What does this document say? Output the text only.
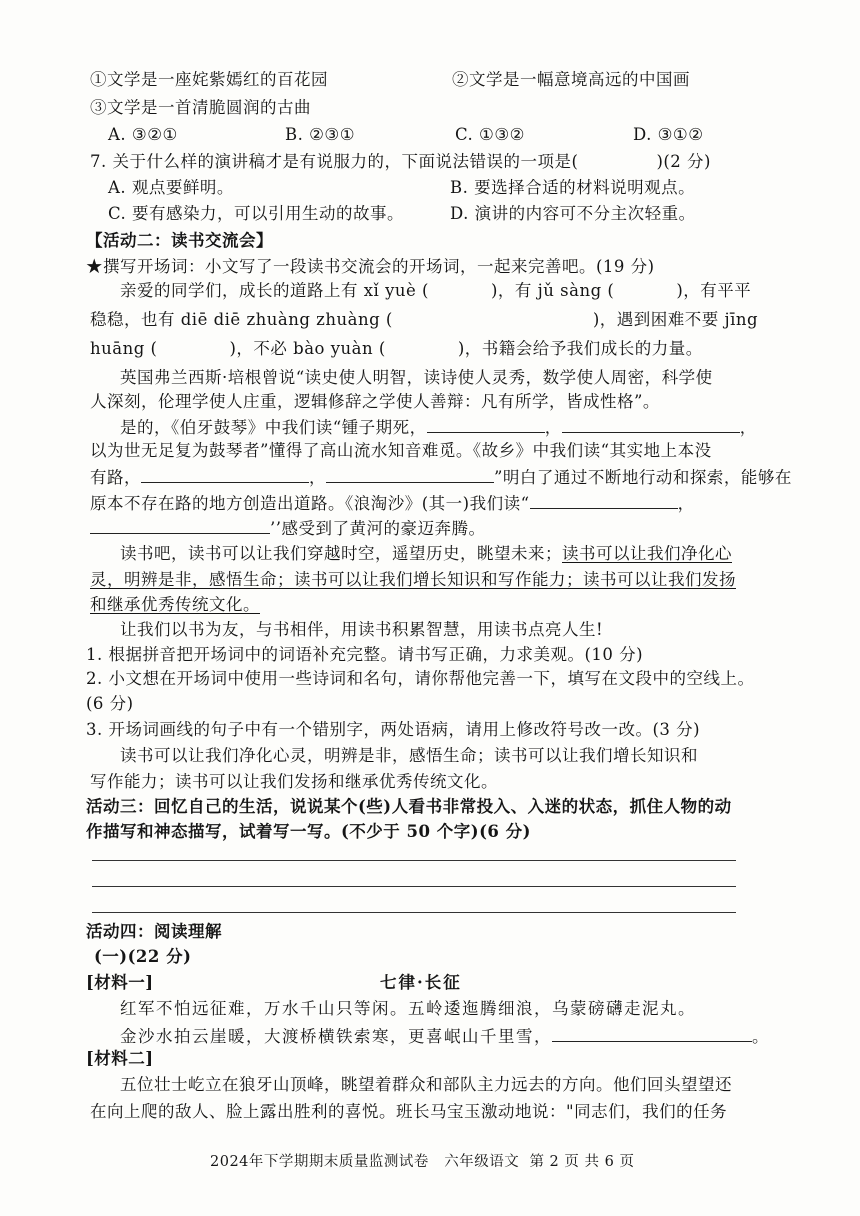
①文学是一座姹紫嫣红的百花园	②文学是一幅意境高远的中国画
③文学是一首清脆圆润的古曲
A. ③②①	B. ②③①	C. ①③②	D. ③①②
7. 关于什么样的演讲稿才是有说服力的，下面说法错误的一项是(	)(2 分)
A. 观点要鲜明。	B. 要选择合适的材料说明观点。
C. 要有感染力，可以引用生动的故事。	D. 演讲的内容可不分主次轻重。
【活动二：读书交流会】
★撰写开场词：小文写了一段读书交流会的开场词，一起来完善吧。(19 分)
亲爱的同学们，成长的道路上有 xǐ yuè (	)，有 jǔ sàng (	)，有平平
稳稳，也有 diē diē zhuàng zhuàng (	)，遇到困难不要 jīng
huāng (	)，不必 bào yuàn (	)，书籍会给予我们成长的力量。
英国弗兰西斯·培根曾说“读史使人明智，读诗使人灵秀，数学使人周密，科学使
人深刻，伦理学使人庄重，逻辑修辞之学使人善辩：凡有所学，皆成性格”。
是的，《伯牙鼓琴》中我们读“锺子期死，	，	，
以为世无足复为鼓琴者”懂得了高山流水知音难觅。《故乡》中我们读“其实地上本没
有路，	，	”明白了通过不断地行动和探索，能够在
原本不存在路的地方创造出道路。《浪淘沙》(其一)我们读“	，
’’感受到了黄河的豪迈奔腾。
读书吧，读书可以让我们穿越时空，遥望历史，眺望未来；读书可以让我们净化心
灵，明辨是非，感悟生命；读书可以让我们增长知识和写作能力；读书可以让我们发扬
和继承优秀传统文化。
让我们以书为友，与书相伴，用读书积累智慧，用读书点亮人生!
1. 根据拼音把开场词中的词语补充完整。请书写正确，力求美观。(10 分)
2. 小文想在开场词中使用一些诗词和名句，请你帮他完善一下，填写在文段中的空线上。
(6 分)
3. 开场词画线的句子中有一个错别字，两处语病，请用上修改符号改一改。(3 分)
读书可以让我们净化心灵，明辨是非，感悟生命；读书可以让我们增长知识和
写作能力；读书可以让我们发扬和继承优秀传统文化。
活动三：回忆自己的生活，说说某个(些)人看书非常投入、入迷的状态，抓住人物的动
作描写和神态描写，试着写一写。(不少于 50 个字)(6 分)
活动四：阅读理解
(一)(22 分)
[材料一]	七律·长征
红军不怕远征难，万水千山只等闲。五岭逶迤腾细浪，乌蒙磅礴走泥丸。
金沙水拍云崖暖，大渡桥横铁索寒，更喜岷山千里雪，	。
[材料二]
五位壮士屹立在狼牙山顶峰，眺望着群众和部队主力远去的方向。他们回头望望还
在向上爬的敌人、脸上露出胜利的喜悦。班长马宝玉激动地说："同志们，我们的任务
2024年下学期期末质量监测试卷 六年级语文 第 2 页 共 6 页
